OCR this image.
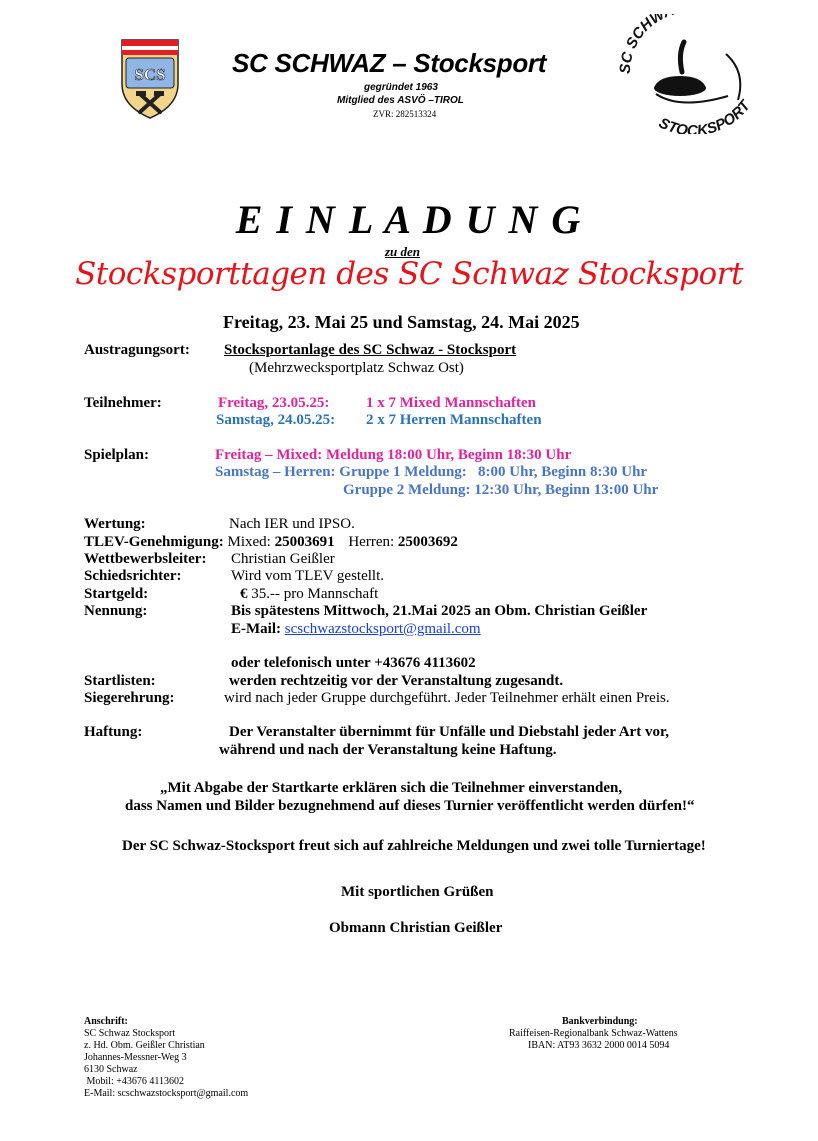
SCS	SC SCHWAZ – Stocksport
gegründet 1963
Mitglied des ASVÖ –TIROL
ZVR: 282513324
SC SCHW
STOCKSPORT
E I N L A D U N G
zu den
Stocksporttagen des SC Schwaz Stocksport
Freitag, 23. Mai 25 und Samstag, 24. Mai 2025
Austragungsort: Stocksportanlage des SC Schwaz - Stocksport
(Mehrzwecksportplatz Schwaz Ost)
Teilnehmer:	Freitag, 23.05.25: 1 x 7 Mixed Mannschaften
Samstag, 24.05.25: 2 x 7 Herren Mannschaften
Spielplan:	Freitag – Mixed: Meldung 18:00 Uhr, Beginn 18:30 Uhr
Samstag – Herren: Gruppe 1 Meldung:   8:00 Uhr, Beginn 8:30 Uhr
Gruppe 2 Meldung: 12:30 Uhr, Beginn 13:00 Uhr
Wertung:	Nach IER und IPSO.
TLEV-Genehmigung: Mixed: 25003691 Herren: 25003692
Wettbewerbsleiter: Christian Geißler
Schiedsrichter:	Wird vom TLEV gestellt.
Startgeld:	€ 35.-- pro Mannschaft
Nennung:	Bis spätestens Mittwoch, 21.Mai 2025 an Obm. Christian Geißler
E-Mail: scschwazstocksport@gmail.com
oder telefonisch unter +43676 4113602
Startlisten:	werden rechtzeitig vor der Veranstaltung zugesandt.
Siegerehrung:	wird nach jeder Gruppe durchgeführt. Jeder Teilnehmer erhält einen Preis.
Haftung:	Der Veranstalter übernimmt für Unfälle und Diebstahl jeder Art vor,
während und nach der Veranstaltung keine Haftung.
„Mit Abgabe der Startkarte erklären sich die Teilnehmer einverstanden,
dass Namen und Bilder bezugnehmend auf dieses Turnier veröffentlicht werden dürfen!“
Der SC Schwaz-Stocksport freut sich auf zahlreiche Meldungen und zwei tolle Turniertage!
Mit sportlichen Grüßen
Obmann Christian Geißler
Anschrift:
SC Schwaz Stocksport
z. Hd. Obm. Geißler Christian
Johannes-Messner-Weg 3
6130 Schwaz
Mobil: +43676 4113602
E-Mail: scschwazstocksport@gmail.com
Bankverbindung:
Raiffeisen-Regionalbank Schwaz-Wattens
IBAN: AT93 3632 2000 0014 5094
